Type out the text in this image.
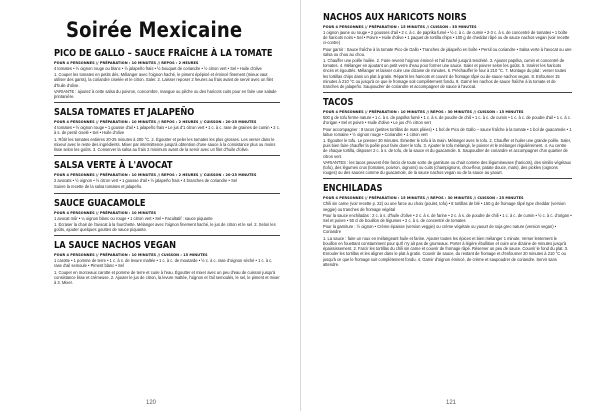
Soirée Mexicaine
PICO DE GALLO – SAUCE FRAÎCHE À LA TOMATE
POUR 4 PERSONNES // PRÉPARATION : 10 MINUTES // REPOS : 2 HEURES
4 tomates • ½ oignon rouge ou blanc • ½ jalapeño frais • ½ bouquet de coriandre • ½ citron vert • Sel • Huile d'olive
1. Couper les tomates en petits dés. Mélanger avec l'oignon haché, le piment épépiné et émincé finement (mieux vaut utiliser des gants), la coriandre ciselée et le citron. Saler. 2. Laisser reposer 2 heures au frais avant de servir avec un filet d'huile d'olive.
VARIANTE : ajoutez à cette salsa du poivron, concombre, mangue ou pêche ou des haricots cuits pour en faire une salade printanière.
SALSA TOMATES ET JALAPEÑO
POUR 4 PERSONNES // PRÉPARATION : 10 MINUTES // REPOS : 2 HEURES // CUISSON : 20-25 MINUTES
4 tomates • ½ oignon rouge • 1 gousse d'ail • 1 jalapeño frais • Le jus d'1 citron vert • 1 c. à c. rase de graines de cumin • 2 c. à s. de persil ciselé • Sel • Huile d'olive
1. Rôtir les tomates entières 20-25 minutes à 200 °C. 2. Égoutter et peler les tomates les plus grosses. Les verser dans le mixeur avec le reste des ingrédients. Mixer par intermittence jusqu'à obtention d'une sauce à la consistance plus ou moins lisse selon les goûts. 3. Conserver la salsa au frais 2 minimum avant de la servir avec un filet d'huile d'olive.
SALSA VERTE À L'AVOCAT
POUR 4 PERSONNES // PRÉPARATION : 10 MINUTES // REPOS : 2 HEURES // CUISSON : 20-25 MINUTES
2 avocats • ½ oignon • ½ citron vert • 1 gousse d'ail • ½ jalapeño frais • 4 branches de coriandre • Sel
Suivre la recette de la salsa tomates et jalapeño.
SAUCE GUACAMOLE
POUR 4 PERSONNES // PRÉPARATION : 10 MINUTES
1 avocat mûr • ¼ oignon blanc ou rouge • 1 citron vert • Sel • Facultatif : sauce piquante
1. Écraser la chair de l'avocat à la fourchette. Mélanger avec l'oignon finement haché, le jus de citron et le sel. 2. Selon les goûts, ajouter quelques gouttes de sauce piquante.
LA SAUCE NACHOS VEGAN
POUR 4 PERSONNES // PRÉPARATION : 10 MINUTES // CUISSON : 15 MINUTES
1 carotte • 1 pomme de terre • 1 c. à s. de levure maltée • 1 c. à c. de moutarde • ½ c. à c. rase d'oignon séché • 1 c. à c. rase d'ail semoule • Piment blanc • Sel
1. Couper en morceaux carotte et pomme de terre et cuire à l'eau. Égoutter et mixer avec un peu d'eau de cuisson jusqu'à consistance lisse et crémeuse. 2. Ajouter le jus de citron, la levure maltée, l'oignon et l'ail semoulés, le sel, le piment et mixer à 3. Mixer.
120
NACHOS AUX HARICOTS NOIRS
POUR 4 PERSONNES // PRÉPARATION : 15 MINUTES // CUISSON : 35 MINUTES
1 oignon jaune ou rouge • 2 gousses d'ail • 2 c. à c. de paprika fumé • ½ c. à c. de cumin • 2-3 c. à s. de concentré de tomates • 1 boîte de haricots noirs • Sel • Poivre • Huile d'olive • 1 paquet de tortilla chips • 100 g de cheddar râpé ou de sauce nachos vegan (voir recette ci-contre)
Pour garnir : Sauce fraîche à la tomate Pico de Gallo • Tranches de jalapeño en boîte • Persil ou coriandre • Salsa verte à l'avocat ou une salsa ou chou au chou.
1. Chauffer une poêle huilée. 2. Faire revenir l'oignon émincé et l'ail haché jusqu'à tendreté. 3. Ajouter paprika, cumin et concentré de tomates. 4. Mélanger en ajoutant un petit verre d'eau pour former une sauce. Saler et poivrer selon les goûts. 5. Insérer les haricots rincés et égouttés. Mélanger et laisser cuire une dizaine de minutes. 6. Préchauffer le four à 210 °C. 7. Montage du plat : verser toutes les tortillas chips dans un plat à gratin. Répartir les haricots et couvrir de fromage râpé ou de sauce nachos vegan. 8. Enfourner 15 minutes à 210 °C ou jusqu'à ce que le fromage soit complètement fondu. 9. Garnir les nachos de sauce fraîche à la tomate et de tranches de jalapeño. Saupoudrer de coriandre et accompagner de sauce à l'avocat.
TACOS
POUR 4 PERSONNES // PRÉPARATION : 10 MINUTES // REPOS : 30 MINUTES // CUISSON : 15 MINUTES
500 g de tofu ferme nature • 1 c. à s. de paprika fumé • 1 c. à s. de poudre de chili • 1 c. à c. de cumin • 1 c. à c. de poudre d'ail • 1 c. à c. d'origan • Sel et poivre • Huile d'olive • Le jus d'½ citron vert
Pour accompagner : 8 tacos (petites tortillas de maïs pliées) • 1 bol de Pico de Gallo – sauce fraîche à la tomate • 1 bol de guacamole • 1 laitue romaine • ½ oignon rouge • Coriandre • 1 citron vert
1. Égoutter le tofu. Le presser 30 minutes. Émietter le tofu à la main. Mélanger avec le tofu. 2. Chauffer et huiler une grande poêle. Saler, puis bien faire chauffer la poêle pour faire dorer le tofu. 3. Ajouter le tofu mélangé, le poivrer et le mélanger régulièrement. 4. Au centre de chaque tortilla, disposer 2 c. à s. de tofu, de la sauce et du guacamole. 5. Saupoudrer de coriandre et accompagner d'un quartier de citron vert.
VARIANTES : les tacos peuvent être farcis de toute sorte de garniture ou chair comme des légumineuses (haricots), des similis végétaux (tofu), des légumes crus (tomates, poivron, oignons) ou cuits (champignons, chou-fleur, patate douce, maïs), des pickles (oignons rouges) ou des sauces comme du guacamole, de la sauce nachos vegan ou de la sauce au yaourt.
ENCHILADAS
POUR 4 PERSONNES // PRÉPARATION : 15 MINUTES // REPOS : 30 MINUTES // CUISSON : 25 MINUTES
Chili sin carne (voir recette p. 22) ou une farce au choix (poulet, tofu) • 8 tortillas de blé • 150 g de fromage râpé type cheddar (version veggie) ou tranches de fromage végétal
Pour la sauce enchiladas : 2 c. à s. d'huile d'olive • 2 c. à s. de farine • 2 c. à s. de poudre de chili • 1 c. à c. de cumin • ½ c. à c. d'origan • Sel et poivre • 50 cl de bouillon de légumes • 2 c. à s. de concentré de tomates
Pour la garniture : ½ oignon • Crème épaisse (version veggie) ou crème végétale ou yaourt de soja grec nature (version vegan) • Coriandre
1. La sauce : faire un roux en mélangeant huile et farine. Ajouter toutes les épices et bien mélanger 1 minute. Verser lentement le bouillon en fouettant constamment pour qu'il n'y ait pas de grumeaux. Porter à légère ébullition et cuire une dizaine de minutes jusqu'à épaississement. 2. Farcir les tortillas du chili sin carne et couvrir de fromage râpé. Réserver un peu de sauce. Couvrir le fond du plat. 3. Enrouler les tortillas et les aligner dans le plat à gratin. Couvrir de sauce, du restant de fromage et d'enfourner 20 minutes à 210 °C ou jusqu'à ce que le fromage soit complètement fondu. 4. Garnir d'oignon émincé, de crème et saupoudrer de coriandre. Servir sans attendre.
121
